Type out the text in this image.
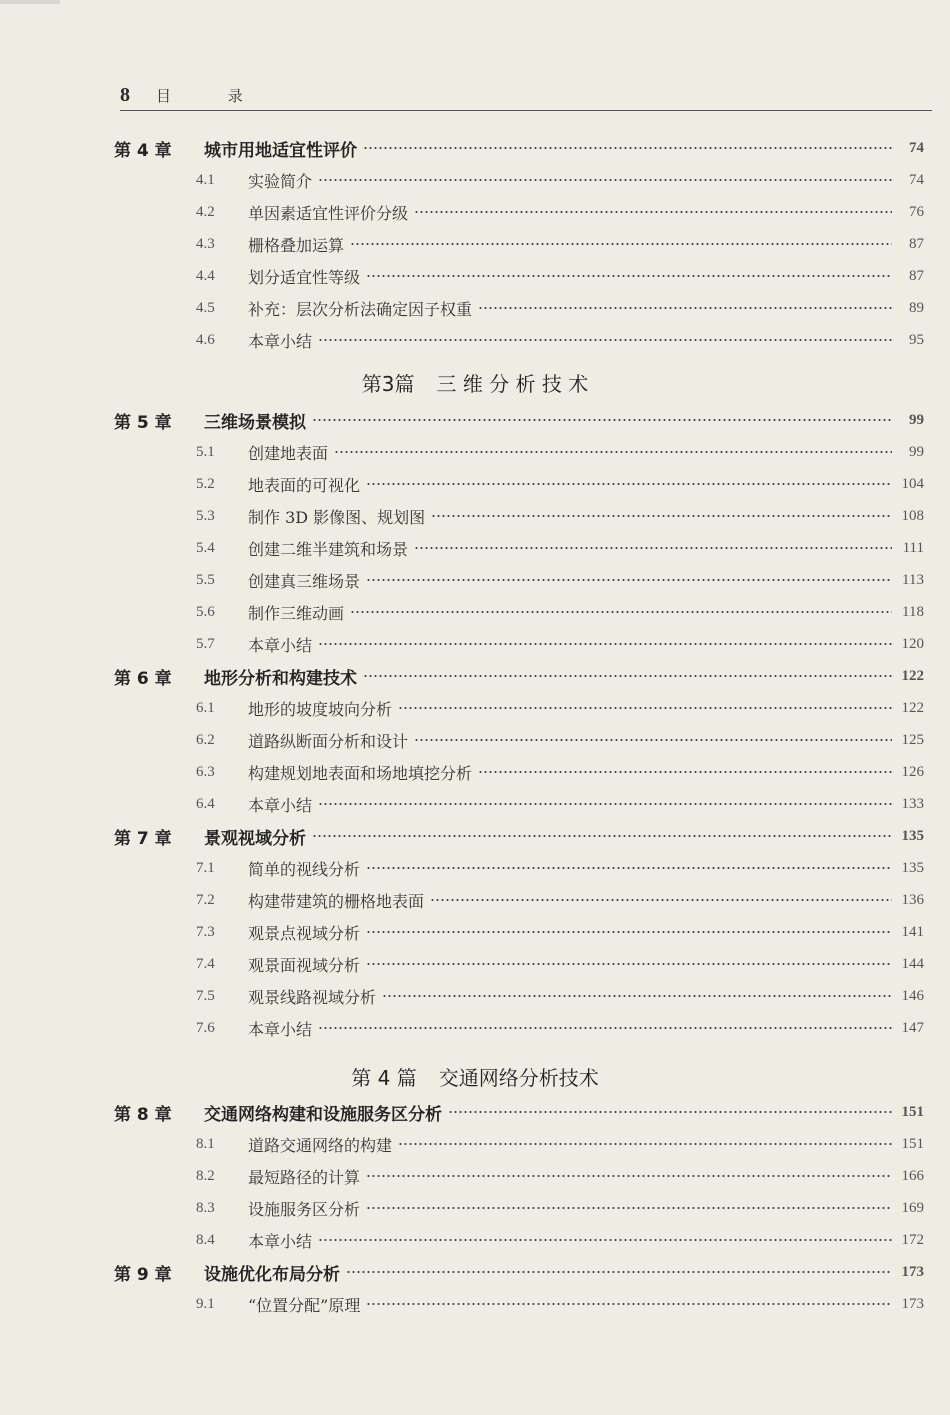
8 目 录
第 4 章	城市用地适宜性评价	74
4.1	实验简介	74
4.2	单因素适宜性评价分级	76
4.3	栅格叠加运算	87
4.4	划分适宜性等级	87
4.5	补充：层次分析法确定因子权重	89
4.6	本章小结	95
第3篇 三 维 分 析 技 术
第 5 章	三维场景模拟	99
5.1	创建地表面	99
5.2	地表面的可视化	104
5.3	制作 3D 影像图、规划图	108
5.4	创建二维半建筑和场景	111
5.5	创建真三维场景	113
5.6	制作三维动画	118
5.7	本章小结	120
第 6 章	地形分析和构建技术	122
6.1	地形的坡度坡向分析	122
6.2	道路纵断面分析和设计	125
6.3	构建规划地表面和场地填挖分析	126
6.4	本章小结	133
第 7 章	景观视域分析	135
7.1	简单的视线分析	135
7.2	构建带建筑的栅格地表面	136
7.3	观景点视域分析	141
7.4	观景面视域分析	144
7.5	观景线路视域分析	146
7.6	本章小结	147
第 4 篇 交通网络分析技术
第 8 章	交通网络构建和设施服务区分析	151
8.1	道路交通网络的构建	151
8.2	最短路径的计算	166
8.3	设施服务区分析	169
8.4	本章小结	172
第 9 章	设施优化布局分析	173
9.1	“位置分配”原理	173
